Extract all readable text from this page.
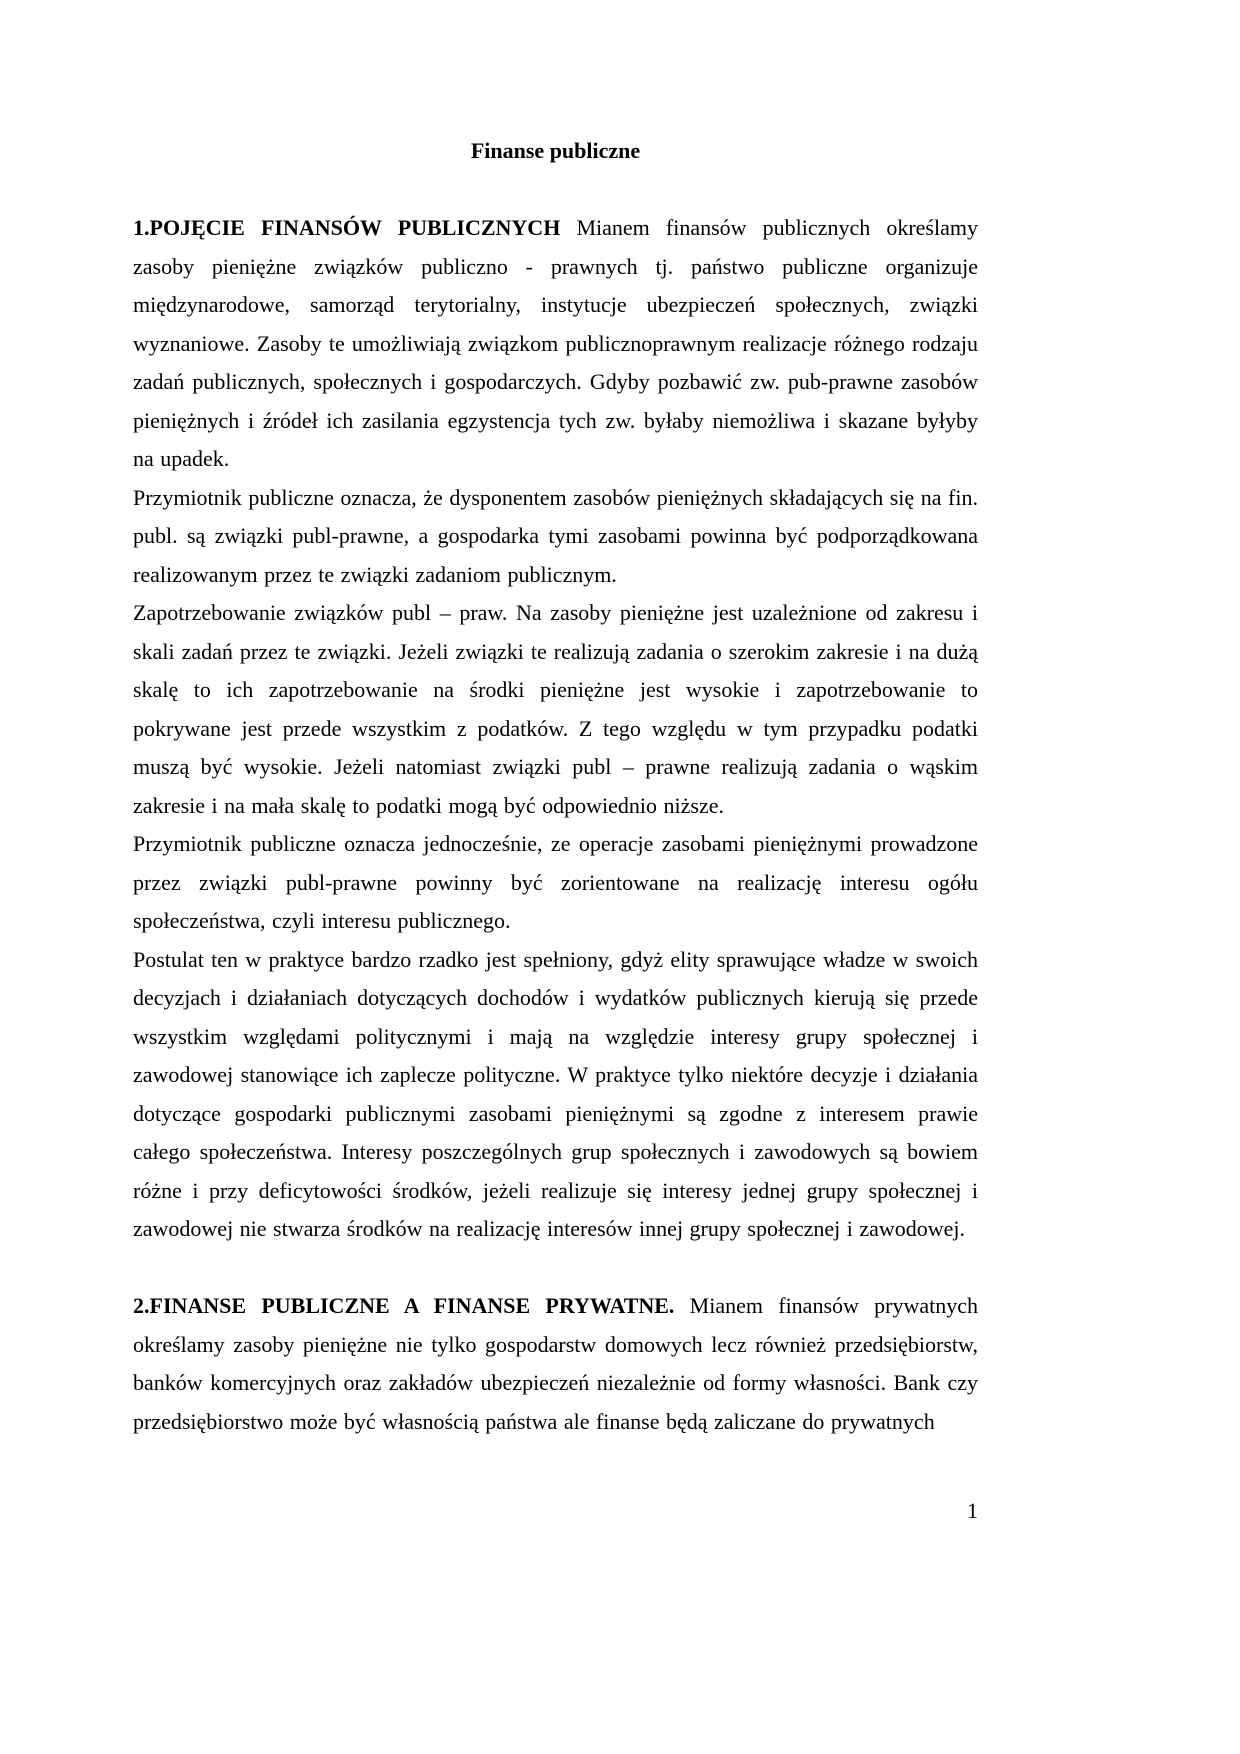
Finanse publiczne

1.POJĘCIE FINANSÓW PUBLICZNYCH Mianem finansów publicznych określamy zasoby pieniężne związków publiczno - prawnych tj. państwo publiczne organizuje międzynarodowe, samorząd terytorialny, instytucje ubezpieczeń społecznych, związki wyznaniowe. Zasoby te umożliwiają związkom publicznoprawnym realizacje różnego rodzaju zadań publicznych, społecznych i gospodarczych. Gdyby pozbawić zw. pub-prawne zasobów pieniężnych i źródeł ich zasilania egzystencja tych zw. byłaby niemożliwa i skazane byłyby na upadek.

Przymiotnik publiczne oznacza, że dysponentem zasobów pieniężnych składających się na fin. publ. są związki publ-prawne, a gospodarka tymi zasobami powinna być podporządkowana realizowanym przez te związki zadaniom publicznym.

Zapotrzebowanie związków publ – praw. Na zasoby pieniężne jest uzależnione od zakresu i skali zadań przez te związki. Jeżeli związki te realizują zadania o szerokim zakresie i na dużą skalę to ich zapotrzebowanie na środki pieniężne jest wysokie i zapotrzebowanie to pokrywane jest przede wszystkim z podatków. Z tego względu w tym przypadku podatki muszą być wysokie. Jeżeli natomiast związki publ – prawne realizują zadania o wąskim zakresie i na mała skalę to podatki mogą być odpowiednio niższe.

Przymiotnik publiczne oznacza jednocześnie, ze operacje zasobami pieniężnymi prowadzone przez związki publ-prawne powinny być zorientowane na realizację interesu ogółu społeczeństwa, czyli interesu publicznego.

Postulat ten w praktyce bardzo rzadko jest spełniony, gdyż elity sprawujące władze w swoich decyzjach i działaniach dotyczących dochodów i wydatków publicznych kierują się przede wszystkim względami politycznymi i mają na względzie interesy grupy społecznej i zawodowej stanowiące ich zaplecze polityczne. W praktyce tylko niektóre decyzje i działania dotyczące gospodarki publicznymi zasobami pieniężnymi są zgodne z interesem prawie całego społeczeństwa. Interesy poszczególnych grup społecznych i zawodowych są bowiem różne i przy deficytowości środków, jeżeli realizuje się interesy jednej grupy społecznej i zawodowej nie stwarza środków na realizację interesów innej grupy społecznej i zawodowej.

2.FINANSE PUBLICZNE A FINANSE PRYWATNE. Mianem finansów prywatnych określamy zasoby pieniężne nie tylko gospodarstw domowych lecz również przedsiębiorstw, banków komercyjnych oraz zakładów ubezpieczeń niezależnie od formy własności. Bank czy przedsiębiorstwo może być własnością państwa ale finanse będą zaliczane do prywatnych

1
